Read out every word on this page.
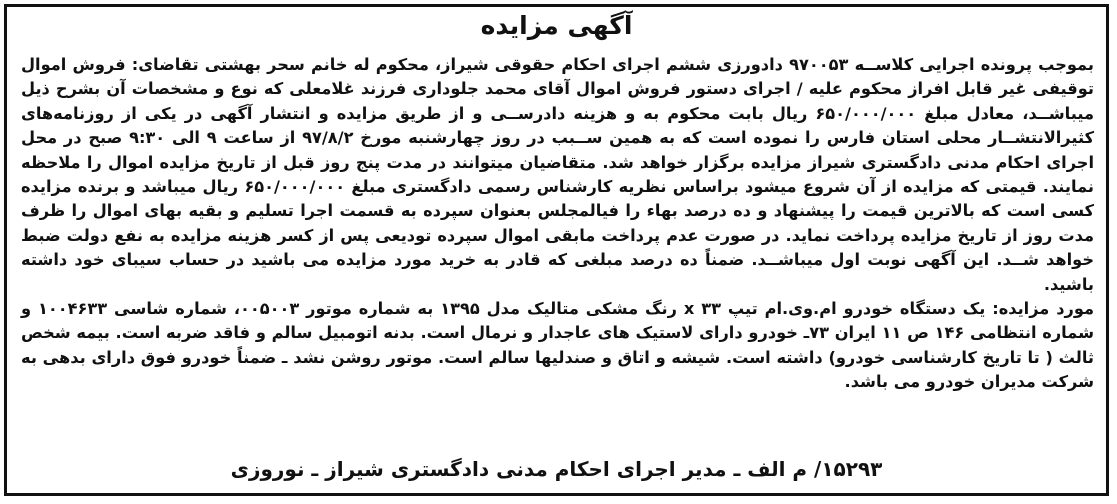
آگهی مزایده

بموجب پرونده اجرایی کلاســه ۹۷۰۰۵۳ دادورزی ششم اجرای احکام حقوقی شیراز، محکوم له خانم سحر بهشتی تقاضای: فروش اموال توقیفی غیر قابل افراز محکوم علیه / اجرای دستور فروش اموال آقای محمد جلوداری فرزند غلامعلی که نوع و مشخصات آن بشرح ذیل میباشــد، معادل مبلغ ۶۵۰/۰۰۰/۰۰۰ ریال بابت محکوم به و هزینه دادرســی و از طریق مزایده و انتشار آگهی در یکی از روزنامه‌های کثیرالانتشــار محلی استان فارس را نموده است که به همین ســبب در روز چهارشنبه مورخ ۹۷/۸/۲ از ساعت ۹ الی ۹:۳۰ صبح در محل اجرای احکام مدنی دادگستری شیراز مزایده برگزار خواهد شد. متقاضیان میتوانند در مدت پنج روز قبل از تاریخ مزایده اموال را ملاحظه نمایند. قیمتی که مزایده از آن شروع میشود براساس نظریه کارشناس رسمی دادگستری مبلغ ۶۵۰/۰۰۰/۰۰۰ ریال میباشد و برنده مزایده کسی است که بالاترین قیمت را پیشنهاد و ده درصد بهاء را فیالمجلس بعنوان سپرده به قسمت اجرا تسلیم و بقیه بهای اموال را ظرف مدت روز از تاریخ مزایده پرداخت نماید. در صورت عدم پرداخت مابقی اموال سپرده تودیعی پس از کسر هزینه مزایده به نفع دولت ضبط خواهد شــد. این آگهی نوبت اول میباشــد. ضمناً ده درصد مبلغی که قادر به خرید مورد مزایده می باشید در حساب سیبای خود داشته باشید.

مورد مزایده: یک دستگاه خودرو ام.وی.ام تیپ ۳۳ x رنگ مشکی متالیک مدل ۱۳۹۵ به شماره موتور ۰۰۵۰۰۳، شماره شاسی ۱۰۰۴۶۳۳ و شماره انتظامی ۱۴۶ ص ۱۱ ایران ۷۳ـ خودرو دارای لاستیک های عاجدار و نرمال است. بدنه اتومبیل سالم و فاقد ضربه است. بیمه شخص ثالث ( تا تاریخ کارشناسی خودرو) داشته است. شیشه و اتاق و صندلیها سالم است. موتور روشن نشد ـ ضمناً خودرو فوق دارای بدهی به شرکت مدیران خودرو می باشد.

۱۵۲۹۳/ م الف ـ مدیر اجرای احکام مدنی دادگستری شیراز ـ نوروزی
